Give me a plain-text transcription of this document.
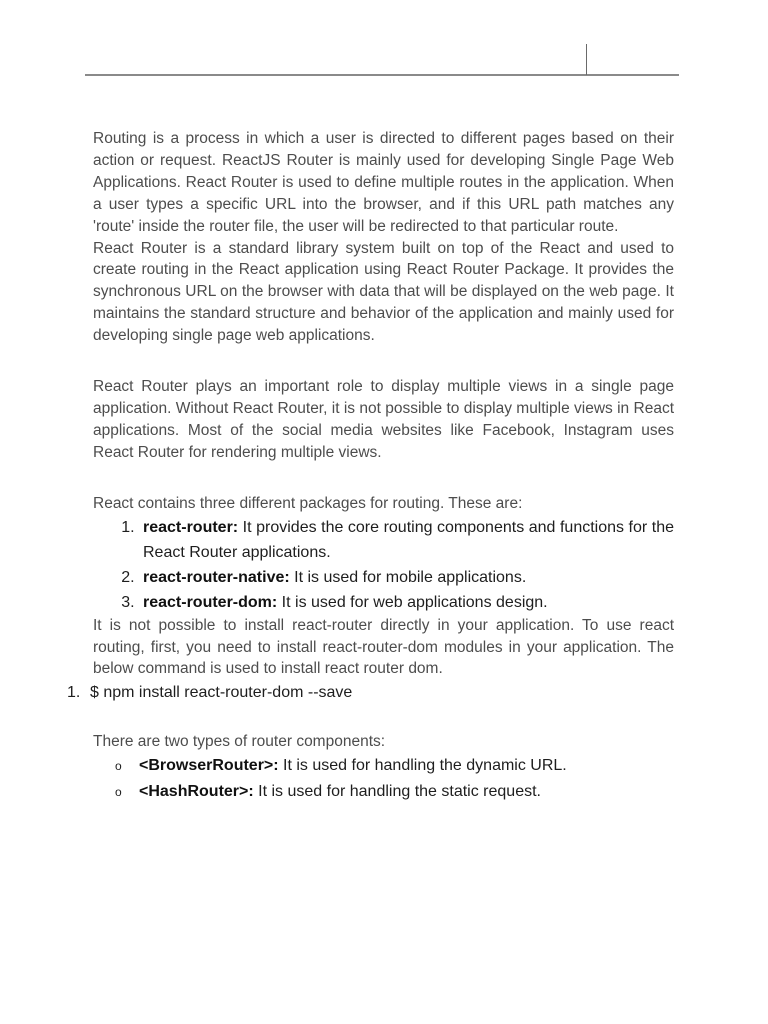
Routing is a process in which a user is directed to different pages based on their action or request. ReactJS Router is mainly used for developing Single Page Web Applications. React Router is used to define multiple routes in the application. When a user types a specific URL into the browser, and if this URL path matches any 'route' inside the router file, the user will be redirected to that particular route.

React Router is a standard library system built on top of the React and used to create routing in the React application using React Router Package. It provides the synchronous URL on the browser with data that will be displayed on the web page. It maintains the standard structure and behavior of the application and mainly used for developing single page web applications.

React Router plays an important role to display multiple views in a single page application. Without React Router, it is not possible to display multiple views in React applications. Most of the social media websites like Facebook, Instagram uses React Router for rendering multiple views.

React contains three different packages for routing. These are:

1. react-router: It provides the core routing components and functions for the React Router applications.
2. react-router-native: It is used for mobile applications.
3. react-router-dom: It is used for web applications design.

It is not possible to install react-router directly in your application. To use react routing, first, you need to install react-router-dom modules in your application. The below command is used to install react router dom.

1. $ npm install react-router-dom --save

There are two types of router components:

o <BrowserRouter>: It is used for handling the dynamic URL.
o <HashRouter>: It is used for handling the static request.
